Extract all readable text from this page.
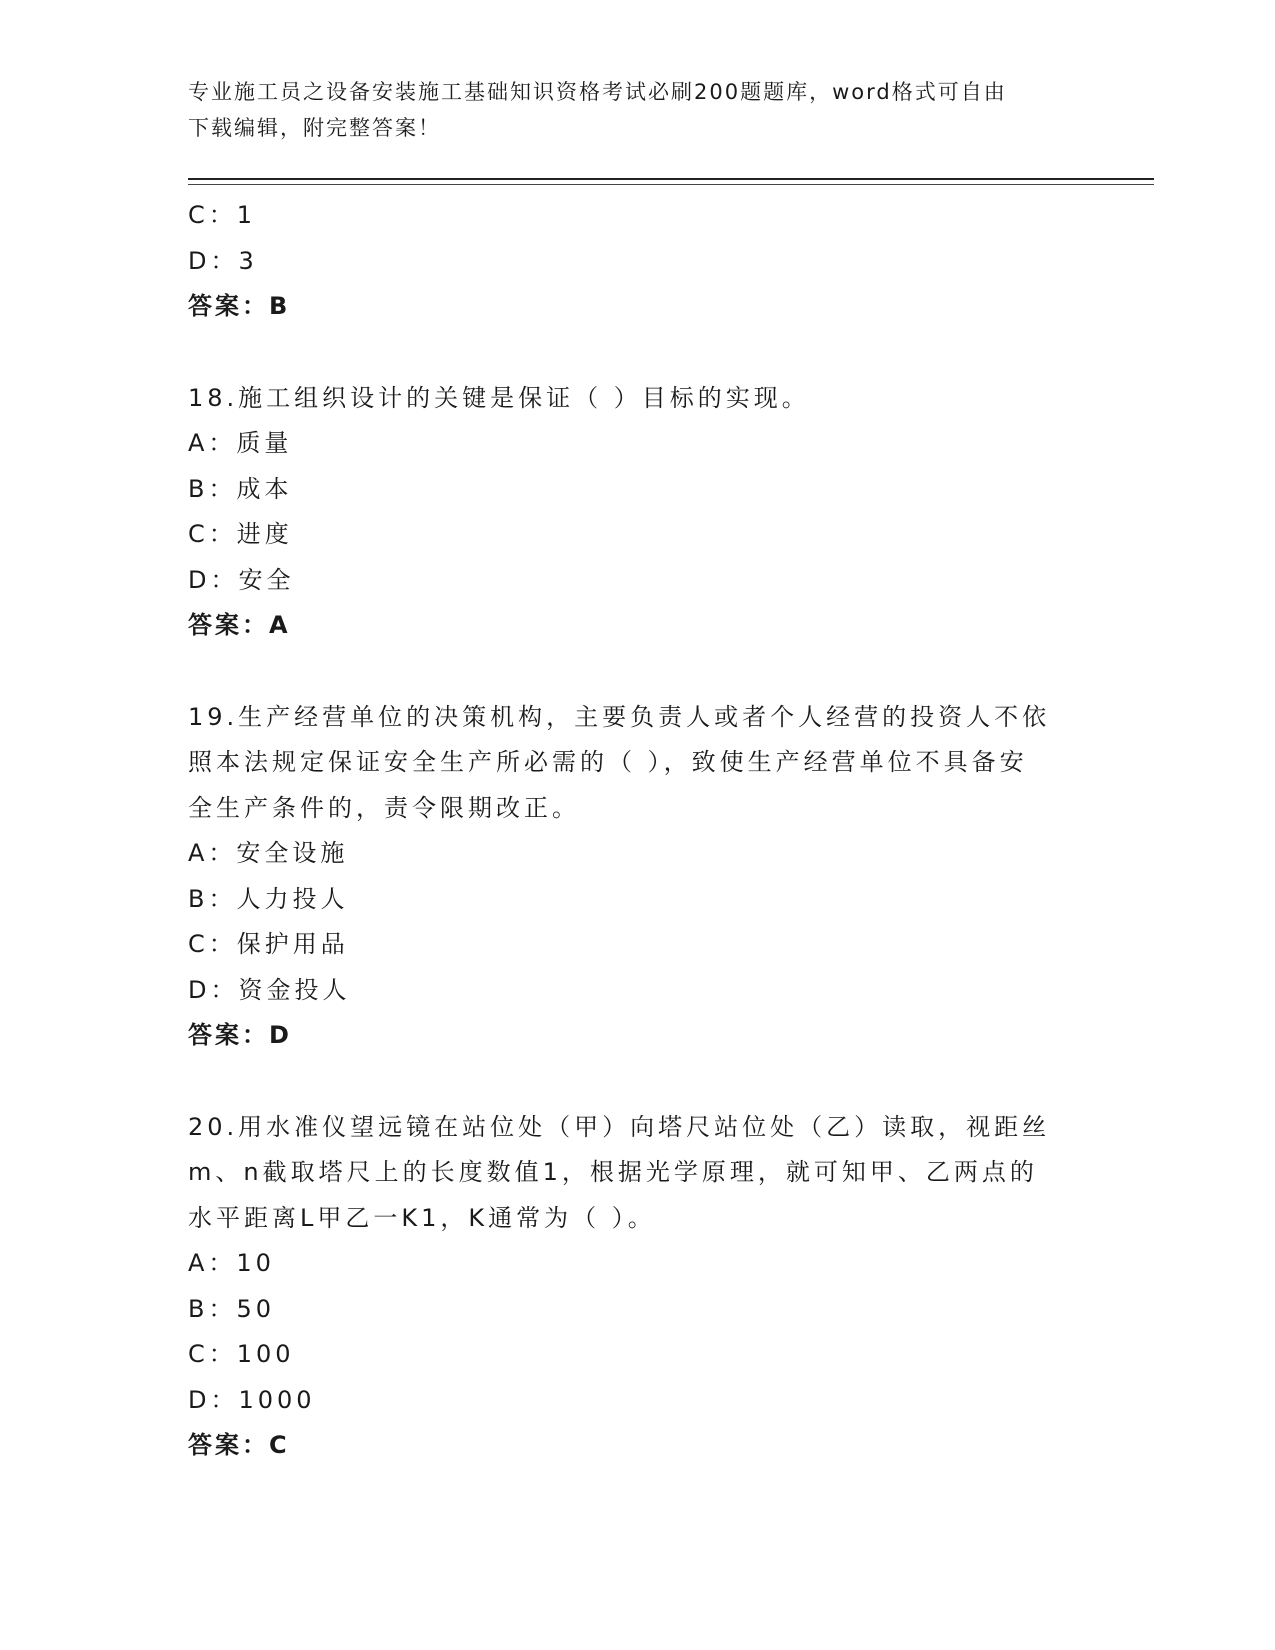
专业施工员之设备安装施工基础知识资格考试必刷200题题库，word格式可自由
下载编辑，附完整答案！
C：1
D：3
答案：B
18.施工组织设计的关键是保证（ ）目标的实现。
A：质量
B：成本
C：进度
D：安全
答案：A
19.生产经营单位的决策机构，主要负责人或者个人经营的投资人不依
照本法规定保证安全生产所必需的（ ），致使生产经营单位不具备安
全生产条件的，责令限期改正。
A：安全设施
B：人力投人
C：保护用品
D：资金投人
答案：D
20.用水准仪望远镜在站位处（甲）向塔尺站位处（乙）读取，视距丝
m、n截取塔尺上的长度数值1，根据光学原理，就可知甲、乙两点的
水平距离L甲乙一K1，K通常为（ ）。
A：10
B：50
C：100
D：1000
答案：C
